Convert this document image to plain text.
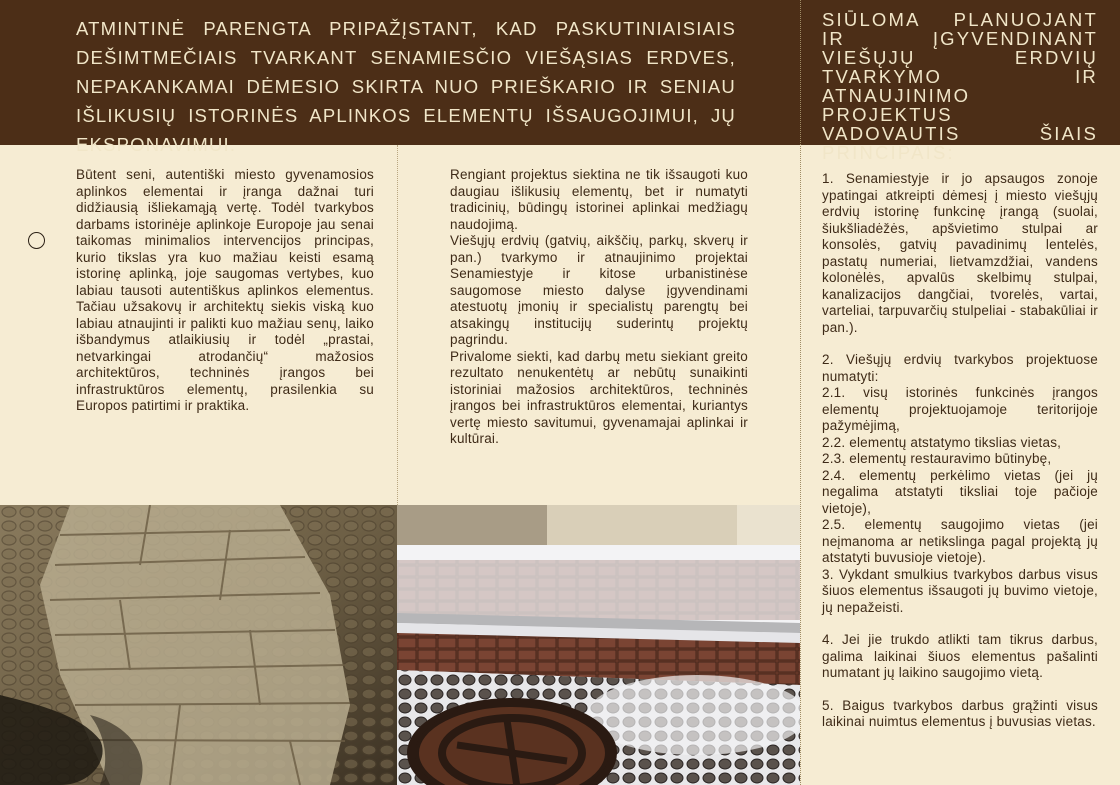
ATMINTINĖ PARENGTA PRIPAŽĮSTANT, KAD PASKUTINIAISIAIS DEŠIMTMEČIAIS TVARKANT SENAMIESČIO VIEŠĄSIAS ERDVES, NEPAKANKAMAI DĖMESIO SKIRTA NUO PRIEŠKARIO IR SENIAU IŠLIKUSIŲ ISTORINĖS APLINKOS ELEMENTŲ IŠSAUGOJIMUI, JŲ EKSPONAVIMUI.
SIŪLOMA PLANUOJANT IR ĮGYVENDINANT VIEŠŲJŲ ERDVIŲ TVARKYMO IR ATNAUJINIMO PROJEKTUS VADOVAUTIS ŠIAIS PRINCIPAIS:

Būtent seni, autentiški miesto gyvenamosios aplinkos elementai ir įranga dažnai turi didžiausią išliekamąją vertę. Todėl tvarkybos darbams istorinėje aplinkoje Europoje jau senai taikomas minimalios intervencijos principas, kurio tikslas yra kuo mažiau keisti esamą istorinę aplinką, joje saugomas vertybes, kuo labiau tausoti autentiškus aplinkos elementus. Tačiau užsakovų ir architektų siekis viską kuo labiau atnaujinti ir palikti kuo mažiau senų, laiko išbandymus atlaikiusių ir todėl „prastai, netvarkingai atrodančių“ mažosios architektūros, techninės įrangos bei infrastruktūros elementų, prasilenkia su Europos patirtimi ir praktika.

Rengiant projektus siektina ne tik išsaugoti kuo daugiau išlikusių elementų, bet ir numatyti tradicinių, būdingų istorinei aplinkai medžiagų naudojimą.

Viešųjų erdvių (gatvių, aikščių, parkų, skverų ir pan.) tvarkymo ir atnaujinimo projektai Senamiestyje ir kitose urbanistinėse saugomose miesto dalyse įgyvendinami atestuotų įmonių ir specialistų parengtų bei atsakingų institucijų suderintų projektų pagrindu.

Privalome siekti, kad darbų metu siekiant greito rezultato nenukentėtų ar nebūtų sunaikinti istoriniai mažosios architektūros, techninės įrangos bei infrastruktūros elementai, kuriantys vertę miesto savitumui, gyvenamajai aplinkai ir kultūrai.

1. Senamiestyje ir jo apsaugos zonoje ypatingai atkreipti dėmesį į miesto viešųjų erdvių istorinę funkcinę įrangą (suolai, šiukšliadėžės, apšvietimo stulpai ar konsolės, gatvių pavadinimų lentelės, pastatų numeriai, lietvamzdžiai, vandens kolonėlės, apvalūs skelbimų stulpai, kanalizacijos dangčiai, tvorelės, vartai, varteliai, tarpuvarčių stulpeliai - stabakūliai ir pan.).

2. Viešųjų erdvių tvarkybos projektuose numatyti:

2.1. visų istorinės funkcinės įrangos elementų projektuojamoje teritorijoje pažymėjimą,

2.2. elementų atstatymo tikslias vietas,

2.3. elementų restauravimo būtinybę,

2.4. elementų perkėlimo vietas (jei jų negalima atstatyti tiksliai toje pačioje vietoje),

2.5. elementų saugojimo vietas (jei neįmanoma ar netikslinga pagal projektą jų atstatyti buvusioje vietoje).

3. Vykdant smulkius tvarkybos darbus visus šiuos elementus išsaugoti jų buvimo vietoje, jų nepažeisti.

4. Jei jie trukdo atlikti tam tikrus darbus, galima laikinai šiuos elementus pašalinti numatant jų laikino saugojimo vietą.

5. Baigus tvarkybos darbus grąžinti visus laikinai nuimtus elementus į buvusias vietas.
